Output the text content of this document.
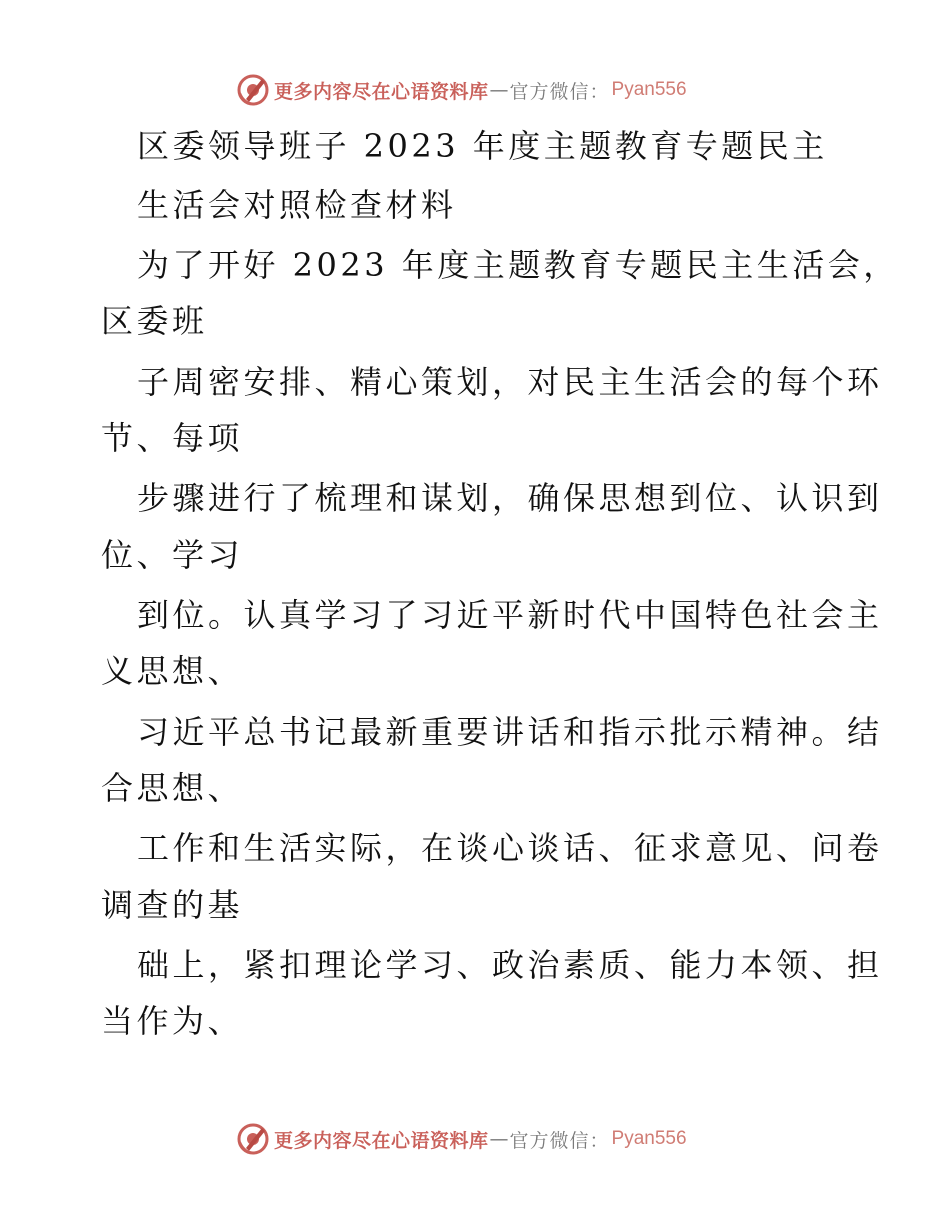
更多内容尽在心语资料库 — 官方微信： Pyan556
区委领导班子 2023 年度主题教育专题民主
生活会对照检查材料
为了开好 2023 年度主题教育专题民主生活会，
区委班
子周密安排、精心策划，对民主生活会的每个环
节、每项
步骤进行了梳理和谋划，确保思想到位、认识到
位、学习
到位。认真学习了习近平新时代中国特色社会主
义思想、
习近平总书记最新重要讲话和指示批示精神。结
合思想、
工作和生活实际，在谈心谈话、征求意见、问卷
调查的基
础上，紧扣理论学习、政治素质、能力本领、担
当作为、
更多内容尽在心语资料库 — 官方微信： Pyan556
